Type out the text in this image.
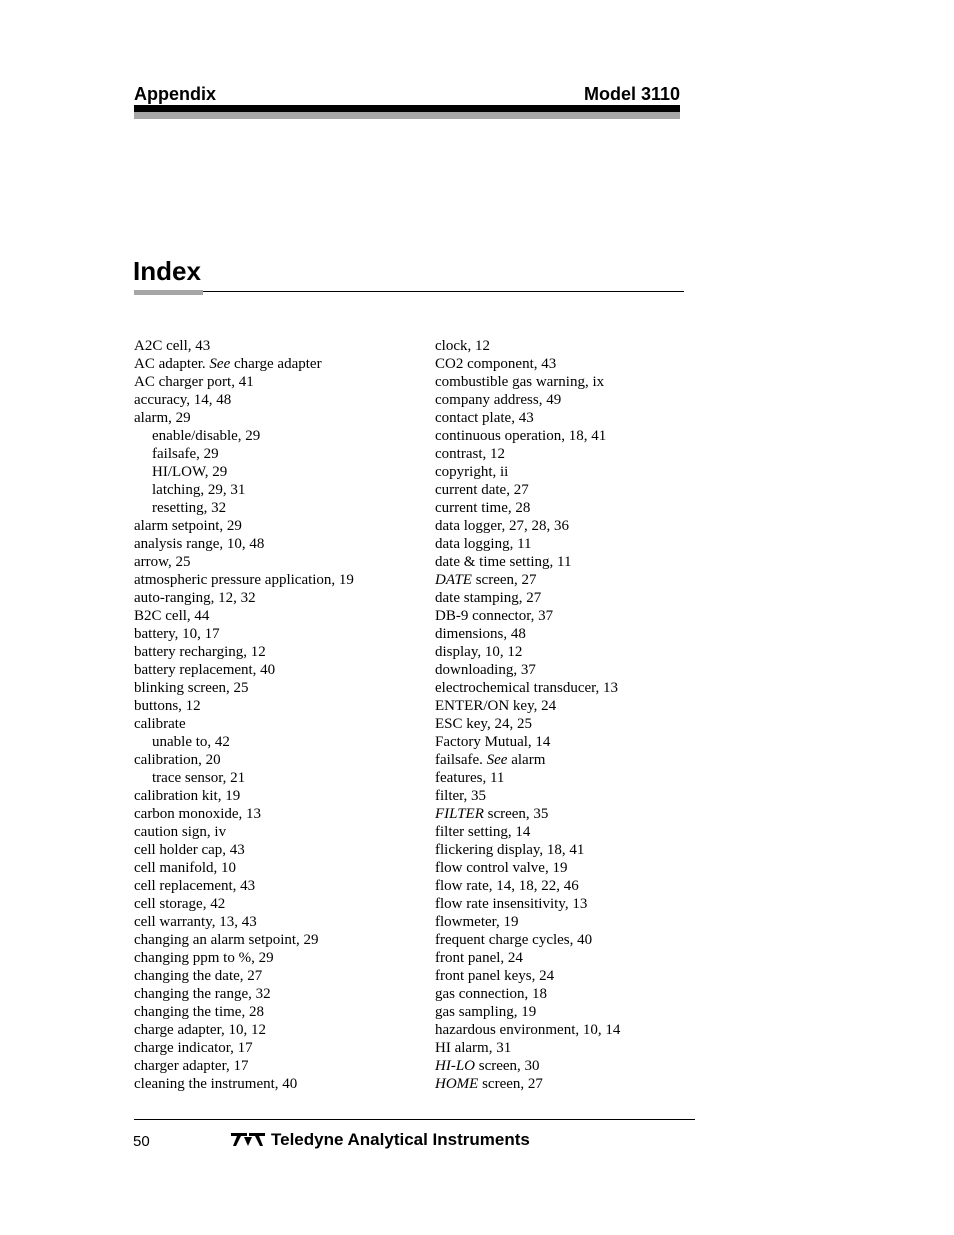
Appendix	Model 3110
Index
A2C cell, 43
AC adapter. See charge adapter
AC charger port, 41
accuracy, 14, 48
alarm, 29
enable/disable, 29
failsafe, 29
HI/LOW, 29
latching, 29, 31
resetting, 32
alarm setpoint, 29
analysis range, 10, 48
arrow, 25
atmospheric pressure application, 19
auto-ranging, 12, 32
B2C cell, 44
battery, 10, 17
battery recharging, 12
battery replacement, 40
blinking screen, 25
buttons, 12
calibrate
unable to, 42
calibration, 20
trace sensor, 21
calibration kit, 19
carbon monoxide, 13
caution sign, iv
cell holder cap, 43
cell manifold, 10
cell replacement, 43
cell storage, 42
cell warranty, 13, 43
changing an alarm setpoint, 29
changing ppm to %, 29
changing the date, 27
changing the range, 32
changing the time, 28
charge adapter, 10, 12
charge indicator, 17
charger adapter, 17
cleaning the instrument, 40
clock, 12
CO2 component, 43
combustible gas warning, ix
company address, 49
contact plate, 43
continuous operation, 18, 41
contrast, 12
copyright, ii
current date, 27
current time, 28
data logger, 27, 28, 36
data logging, 11
date & time setting, 11
DATE screen, 27
date stamping, 27
DB-9 connector, 37
dimensions, 48
display, 10, 12
downloading, 37
electrochemical transducer, 13
ENTER/ON key, 24
ESC key, 24, 25
Factory Mutual, 14
failsafe. See alarm
features, 11
filter, 35
FILTER screen, 35
filter setting, 14
flickering display, 18, 41
flow control valve, 19
flow rate, 14, 18, 22, 46
flow rate insensitivity, 13
flowmeter, 19
frequent charge cycles, 40
front panel, 24
front panel keys, 24
gas connection, 18
gas sampling, 19
hazardous environment, 10, 14
HI alarm, 31
HI-LO screen, 30
HOME screen, 27
50	Teledyne Analytical Instruments
